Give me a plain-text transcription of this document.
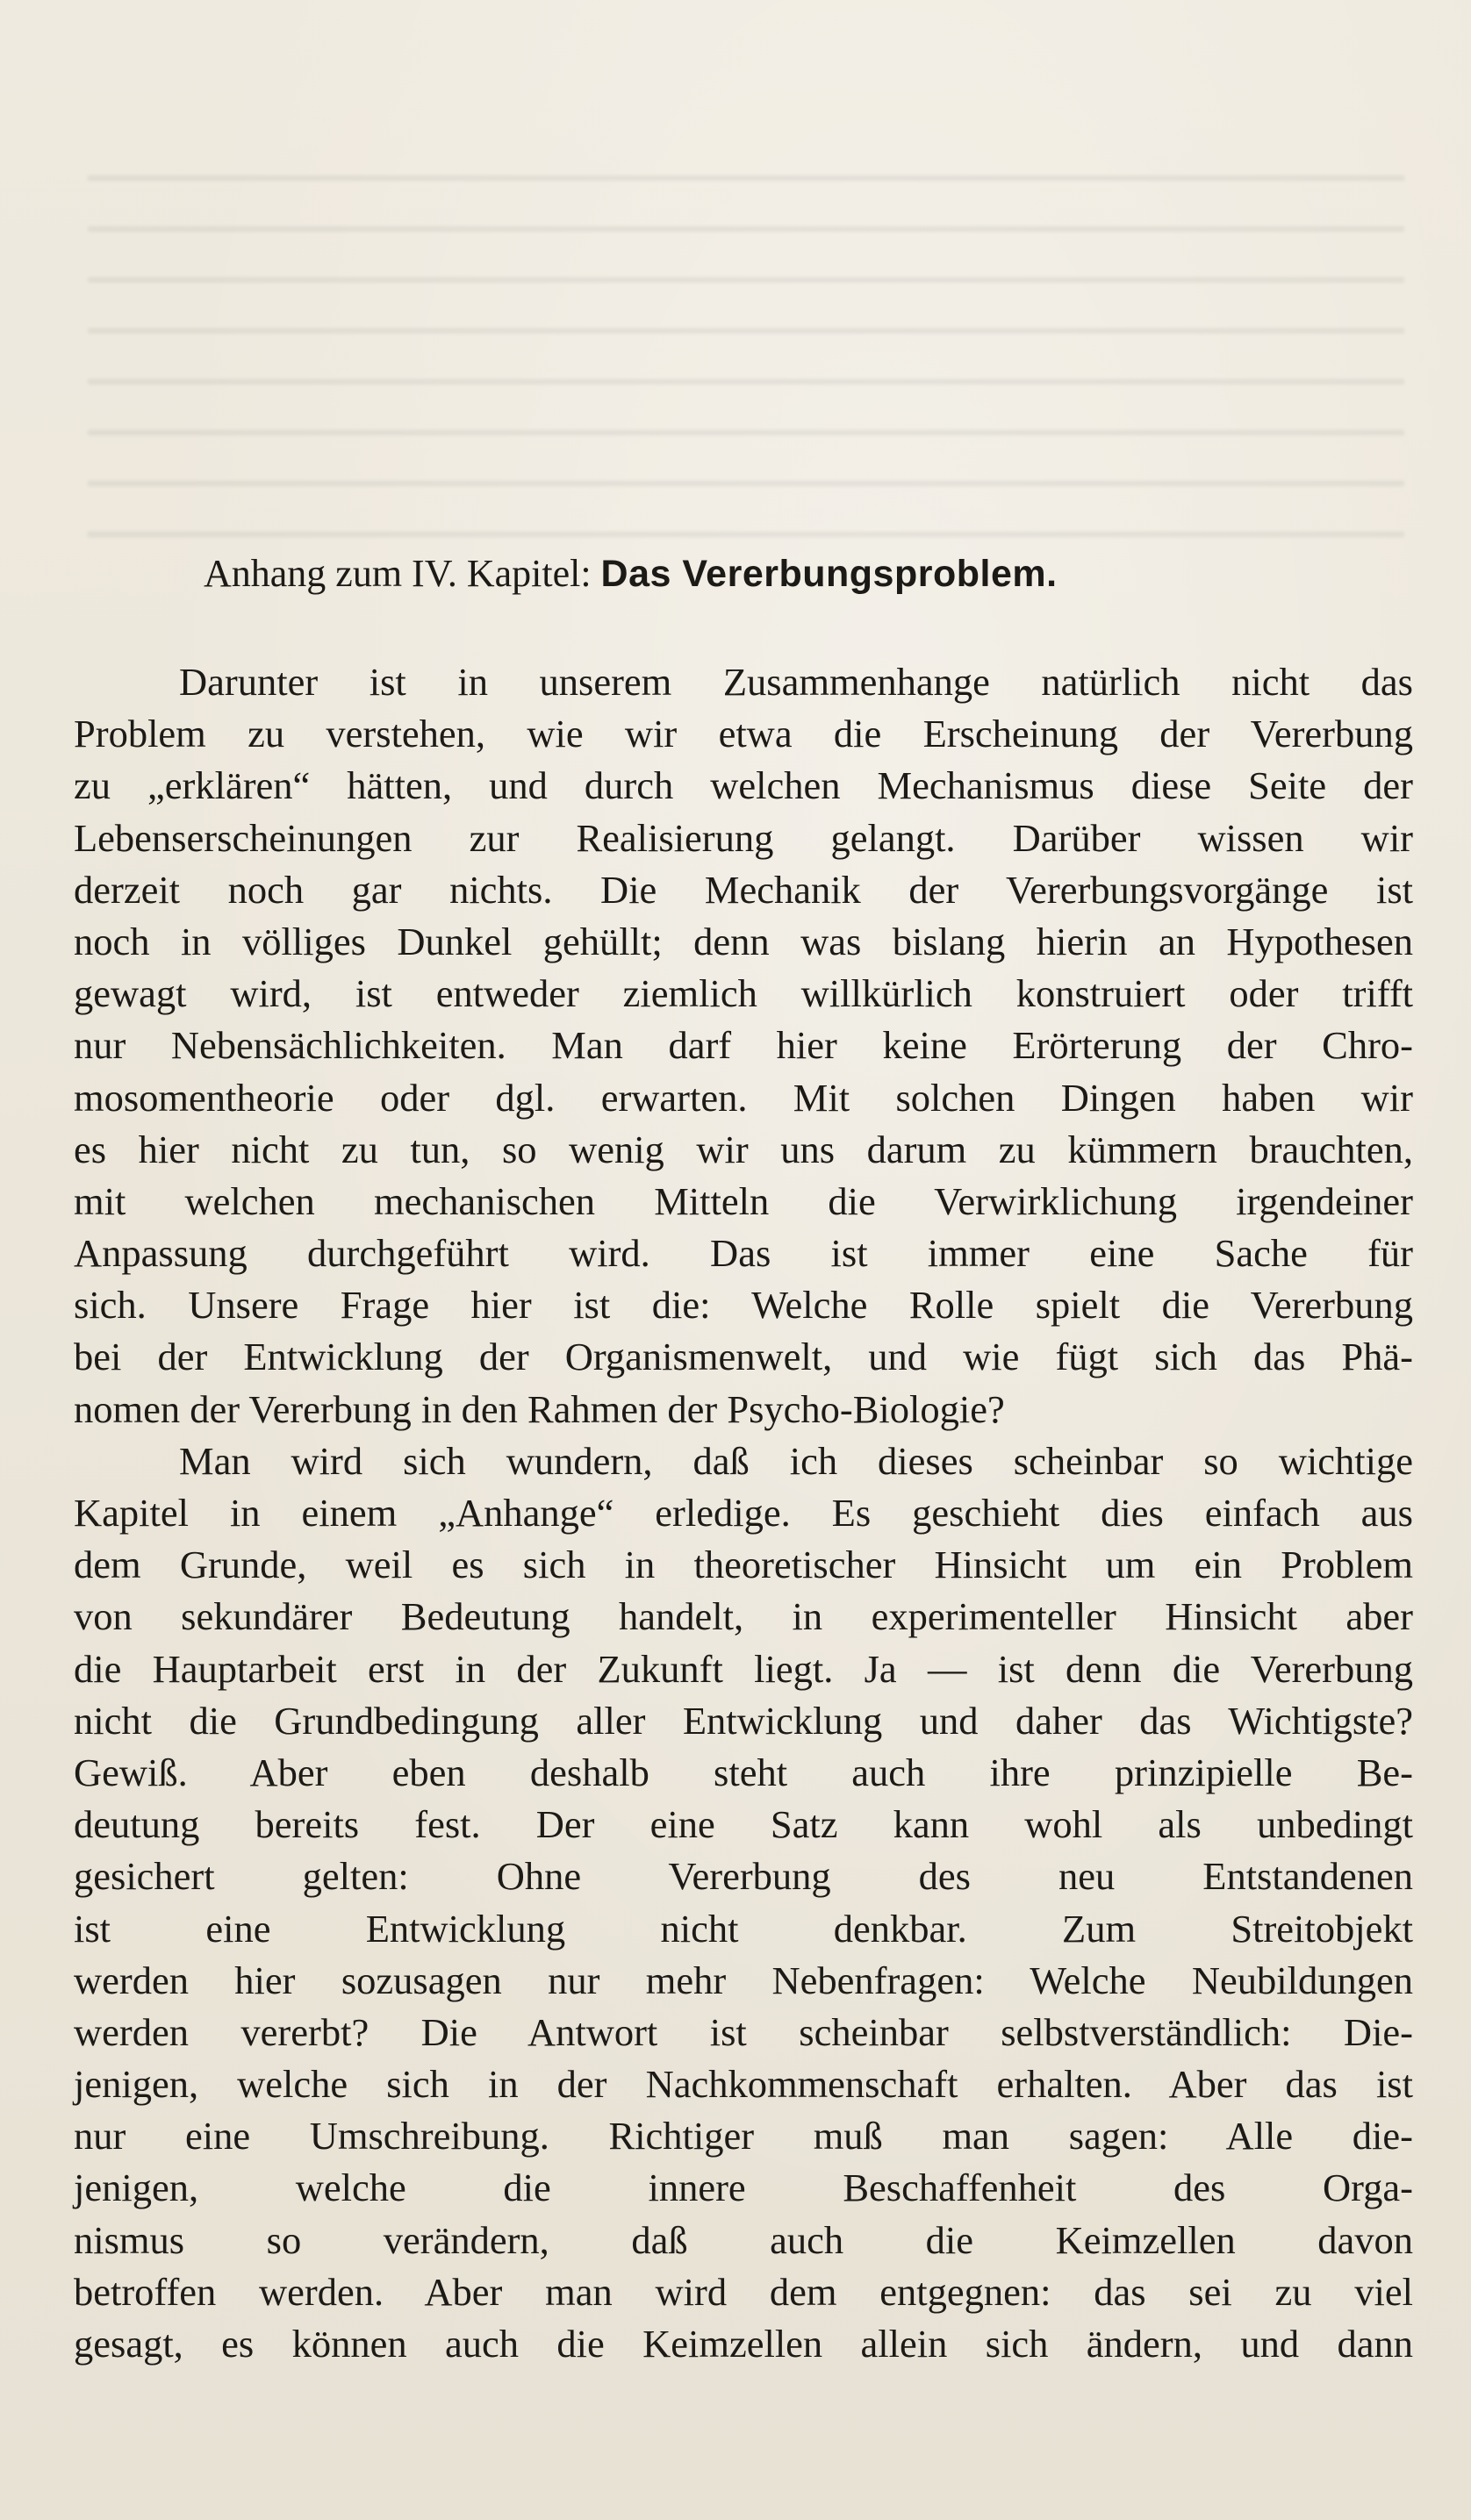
Anhang zum IV. Kapitel: Das Vererbungsproblem.
Darunter ist in unserem Zusammenhange natürlich nicht das
Problem zu verstehen, wie wir etwa die Erscheinung der Vererbung
zu „erklären“ hätten, und durch welchen Mechanismus diese Seite der
Lebenserscheinungen zur Realisierung gelangt. Darüber wissen wir
derzeit noch gar nichts. Die Mechanik der Vererbungsvorgänge ist
noch in völliges Dunkel gehüllt; denn was bislang hierin an Hypothesen
gewagt wird, ist entweder ziemlich willkürlich konstruiert oder trifft
nur Nebensächlichkeiten. Man darf hier keine Erörterung der Chro-
mosomentheorie oder dgl. erwarten. Mit solchen Dingen haben wir
es hier nicht zu tun, so wenig wir uns darum zu kümmern brauchten,
mit welchen mechanischen Mitteln die Verwirklichung irgendeiner
Anpassung durchgeführt wird. Das ist immer eine Sache für
sich. Unsere Frage hier ist die: Welche Rolle spielt die Vererbung
bei der Entwicklung der Organismenwelt, und wie fügt sich das Phä-
nomen der Vererbung in den Rahmen der Psycho-Biologie?
Man wird sich wundern, daß ich dieses scheinbar so wichtige
Kapitel in einem „Anhange“ erledige. Es geschieht dies einfach aus
dem Grunde, weil es sich in theoretischer Hinsicht um ein Problem
von sekundärer Bedeutung handelt, in experimenteller Hinsicht aber
die Hauptarbeit erst in der Zukunft liegt. Ja — ist denn die Vererbung
nicht die Grundbedingung aller Entwicklung und daher das Wichtigste?
Gewiß. Aber eben deshalb steht auch ihre prinzipielle Be-
deutung bereits fest. Der eine Satz kann wohl als unbedingt
gesichert gelten: Ohne Vererbung des neu Entstandenen
ist eine Entwicklung nicht denkbar. Zum Streitobjekt
werden hier sozusagen nur mehr Nebenfragen: Welche Neubildungen
werden vererbt? Die Antwort ist scheinbar selbstverständlich: Die-
jenigen, welche sich in der Nachkommenschaft erhalten. Aber das ist
nur eine Umschreibung. Richtiger muß man sagen: Alle die-
jenigen, welche die innere Beschaffenheit des Orga-
nismus so verändern, daß auch die Keimzellen davon
betroffen werden. Aber man wird dem entgegnen: das sei zu viel
gesagt, es können auch die Keimzellen allein sich ändern, und dann
